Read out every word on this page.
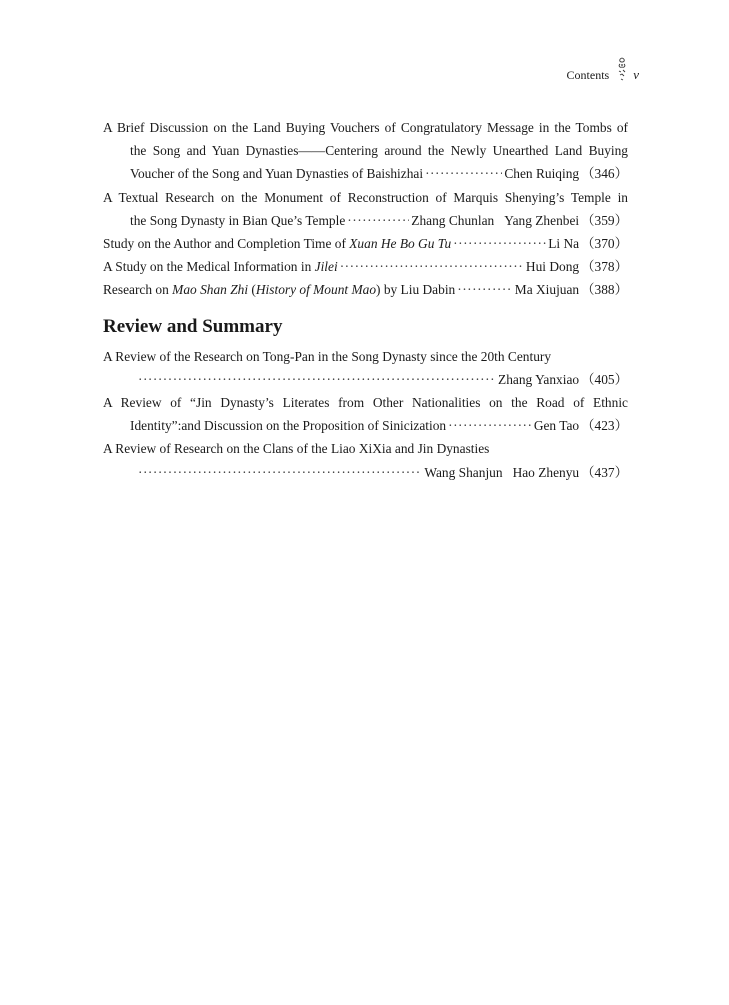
Contents v
A Brief Discussion on the Land Buying Vouchers of Congratulatory Message in the Tombs of
the Song and Yuan Dynasties——Centering around the Newly Unearthed Land Buying
Voucher of the Song and Yuan Dynasties of Baishizhai ·····	Chen Ruiqing （346）
A Textual Research on the Monument of Reconstruction of Marquis Shenying’s Temple in
the Song Dynasty in Bian Que’s Temple ·····	Zhang Chunlan Yang Zhenbei （359）
Study on the Author and Completion Time of Xuan He Bo Gu Tu ·····	Li Na （370）
A Study on the Medical Information in Jilei ·····	Hui Dong （378）
Research on Mao Shan Zhi (History of Mount Mao) by Liu Dabin ·····	Ma Xiujuan （388）
Review and Summary
A Review of the Research on Tong-Pan in the Song Dynasty since the 20th Century
·····
Zhang Yanxiao （405）
A Review of “Jin Dynasty’s Literates from Other Nationalities on the Road of Ethnic
Identity”:and Discussion on the Proposition of Sinicization ·····	Gen Tao （423）
A Review of Research on the Clans of the Liao XiXia and Jin Dynasties
·····
Wang Shanjun Hao Zhenyu （437）
